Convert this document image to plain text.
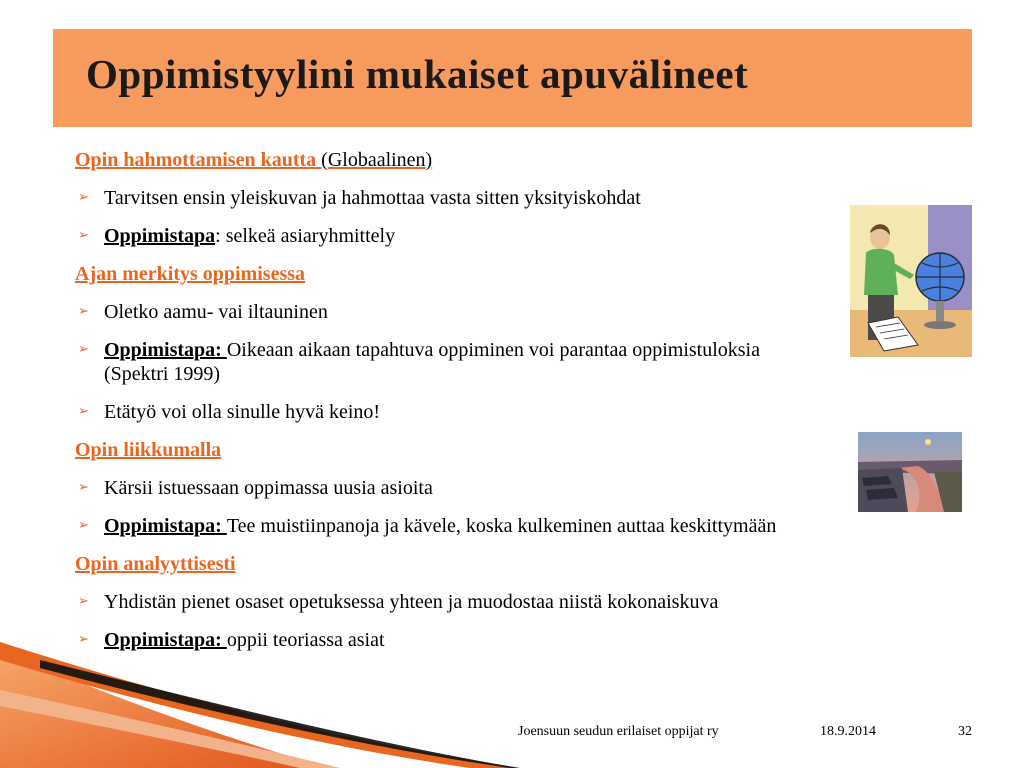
Oppimistyylini mukaiset apuvälineet

Opin hahmottamisen kautta (Globaalinen)

➢ Tarvitsen ensin yleiskuvan ja hahmottaa vasta sitten yksityiskohdat
➢ Oppimistapa: selkeä asiaryhmittely

Ajan merkitys oppimisessa

➢ Oletko aamu- vai iltauninen
➢ Oppimistapa: Oikeaan aikaan tapahtuva oppiminen voi parantaa oppimistuloksia (Spektri 1999)
➢ Etätyö voi olla sinulle hyvä keino!

Opin liikkumalla

➢ Kärsii istuessaan oppimassa uusia asioita
➢ Oppimistapa: Tee muistiinpanoja ja kävele, koska kulkeminen auttaa keskittymään

Opin analyyttisesti

➢ Yhdistän pienet osaset opetuksessa yhteen ja muodostaa niistä kokonaiskuva
➢ Oppimistapa: oppii teoriassa asiat
Joensuun seudun erilaiset oppijat ry	18.9.2014	32
